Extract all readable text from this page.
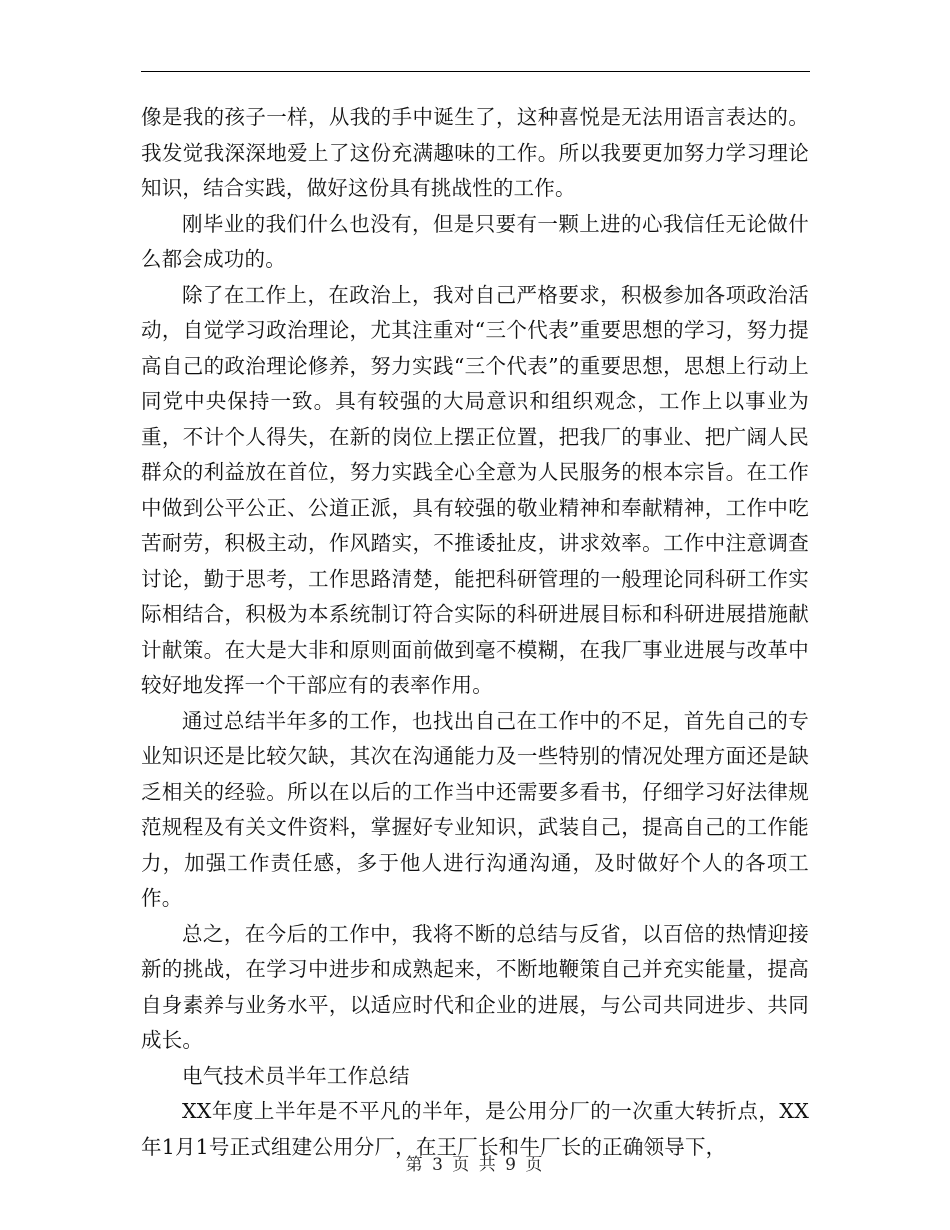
像是我的孩子一样，从我的手中诞生了，这种喜悦是无法用语言表达的。我发觉我深深地爱上了这份充满趣味的工作。所以我要更加努力学习理论知识，结合实践，做好这份具有挑战性的工作。

刚毕业的我们什么也没有，但是只要有一颗上进的心我信任无论做什么都会成功的。

除了在工作上，在政治上，我对自己严格要求，积极参加各项政治活动，自觉学习政治理论，尤其注重对“三个代表”重要思想的学习，努力提高自己的政治理论修养，努力实践“三个代表”的重要思想，思想上行动上同党中央保持一致。具有较强的大局意识和组织观念，工作上以事业为重，不计个人得失，在新的岗位上摆正位置，把我厂的事业、把广阔人民群众的利益放在首位，努力实践全心全意为人民服务的根本宗旨。在工作中做到公平公正、公道正派，具有较强的敬业精神和奉献精神，工作中吃苦耐劳，积极主动，作风踏实，不推诿扯皮，讲求效率。工作中注意调查讨论，勤于思考，工作思路清楚，能把科研管理的一般理论同科研工作实际相结合，积极为本系统制订符合实际的科研进展目标和科研进展措施献计献策。在大是大非和原则面前做到毫不模糊，在我厂事业进展与改革中较好地发挥一个干部应有的表率作用。

通过总结半年多的工作，也找出自己在工作中的不足，首先自己的专业知识还是比较欠缺，其次在沟通能力及一些特别的情况处理方面还是缺乏相关的经验。所以在以后的工作当中还需要多看书，仔细学习好法律规范规程及有关文件资料，掌握好专业知识，武装自己，提高自己的工作能力，加强工作责任感，多于他人进行沟通沟通，及时做好个人的各项工作。

总之，在今后的工作中，我将不断的总结与反省，以百倍的热情迎接新的挑战，在学习中进步和成熟起来，不断地鞭策自己并充实能量，提高自身素养与业务水平，以适应时代和企业的进展，与公司共同进步、共同成长。

电气技术员半年工作总结

XX年度上半年是不平凡的半年，是公用分厂的一次重大转折点，XX年1月1号正式组建公用分厂，在王厂长和牛厂长的正确领导下，

第 3 页 共 9 页
